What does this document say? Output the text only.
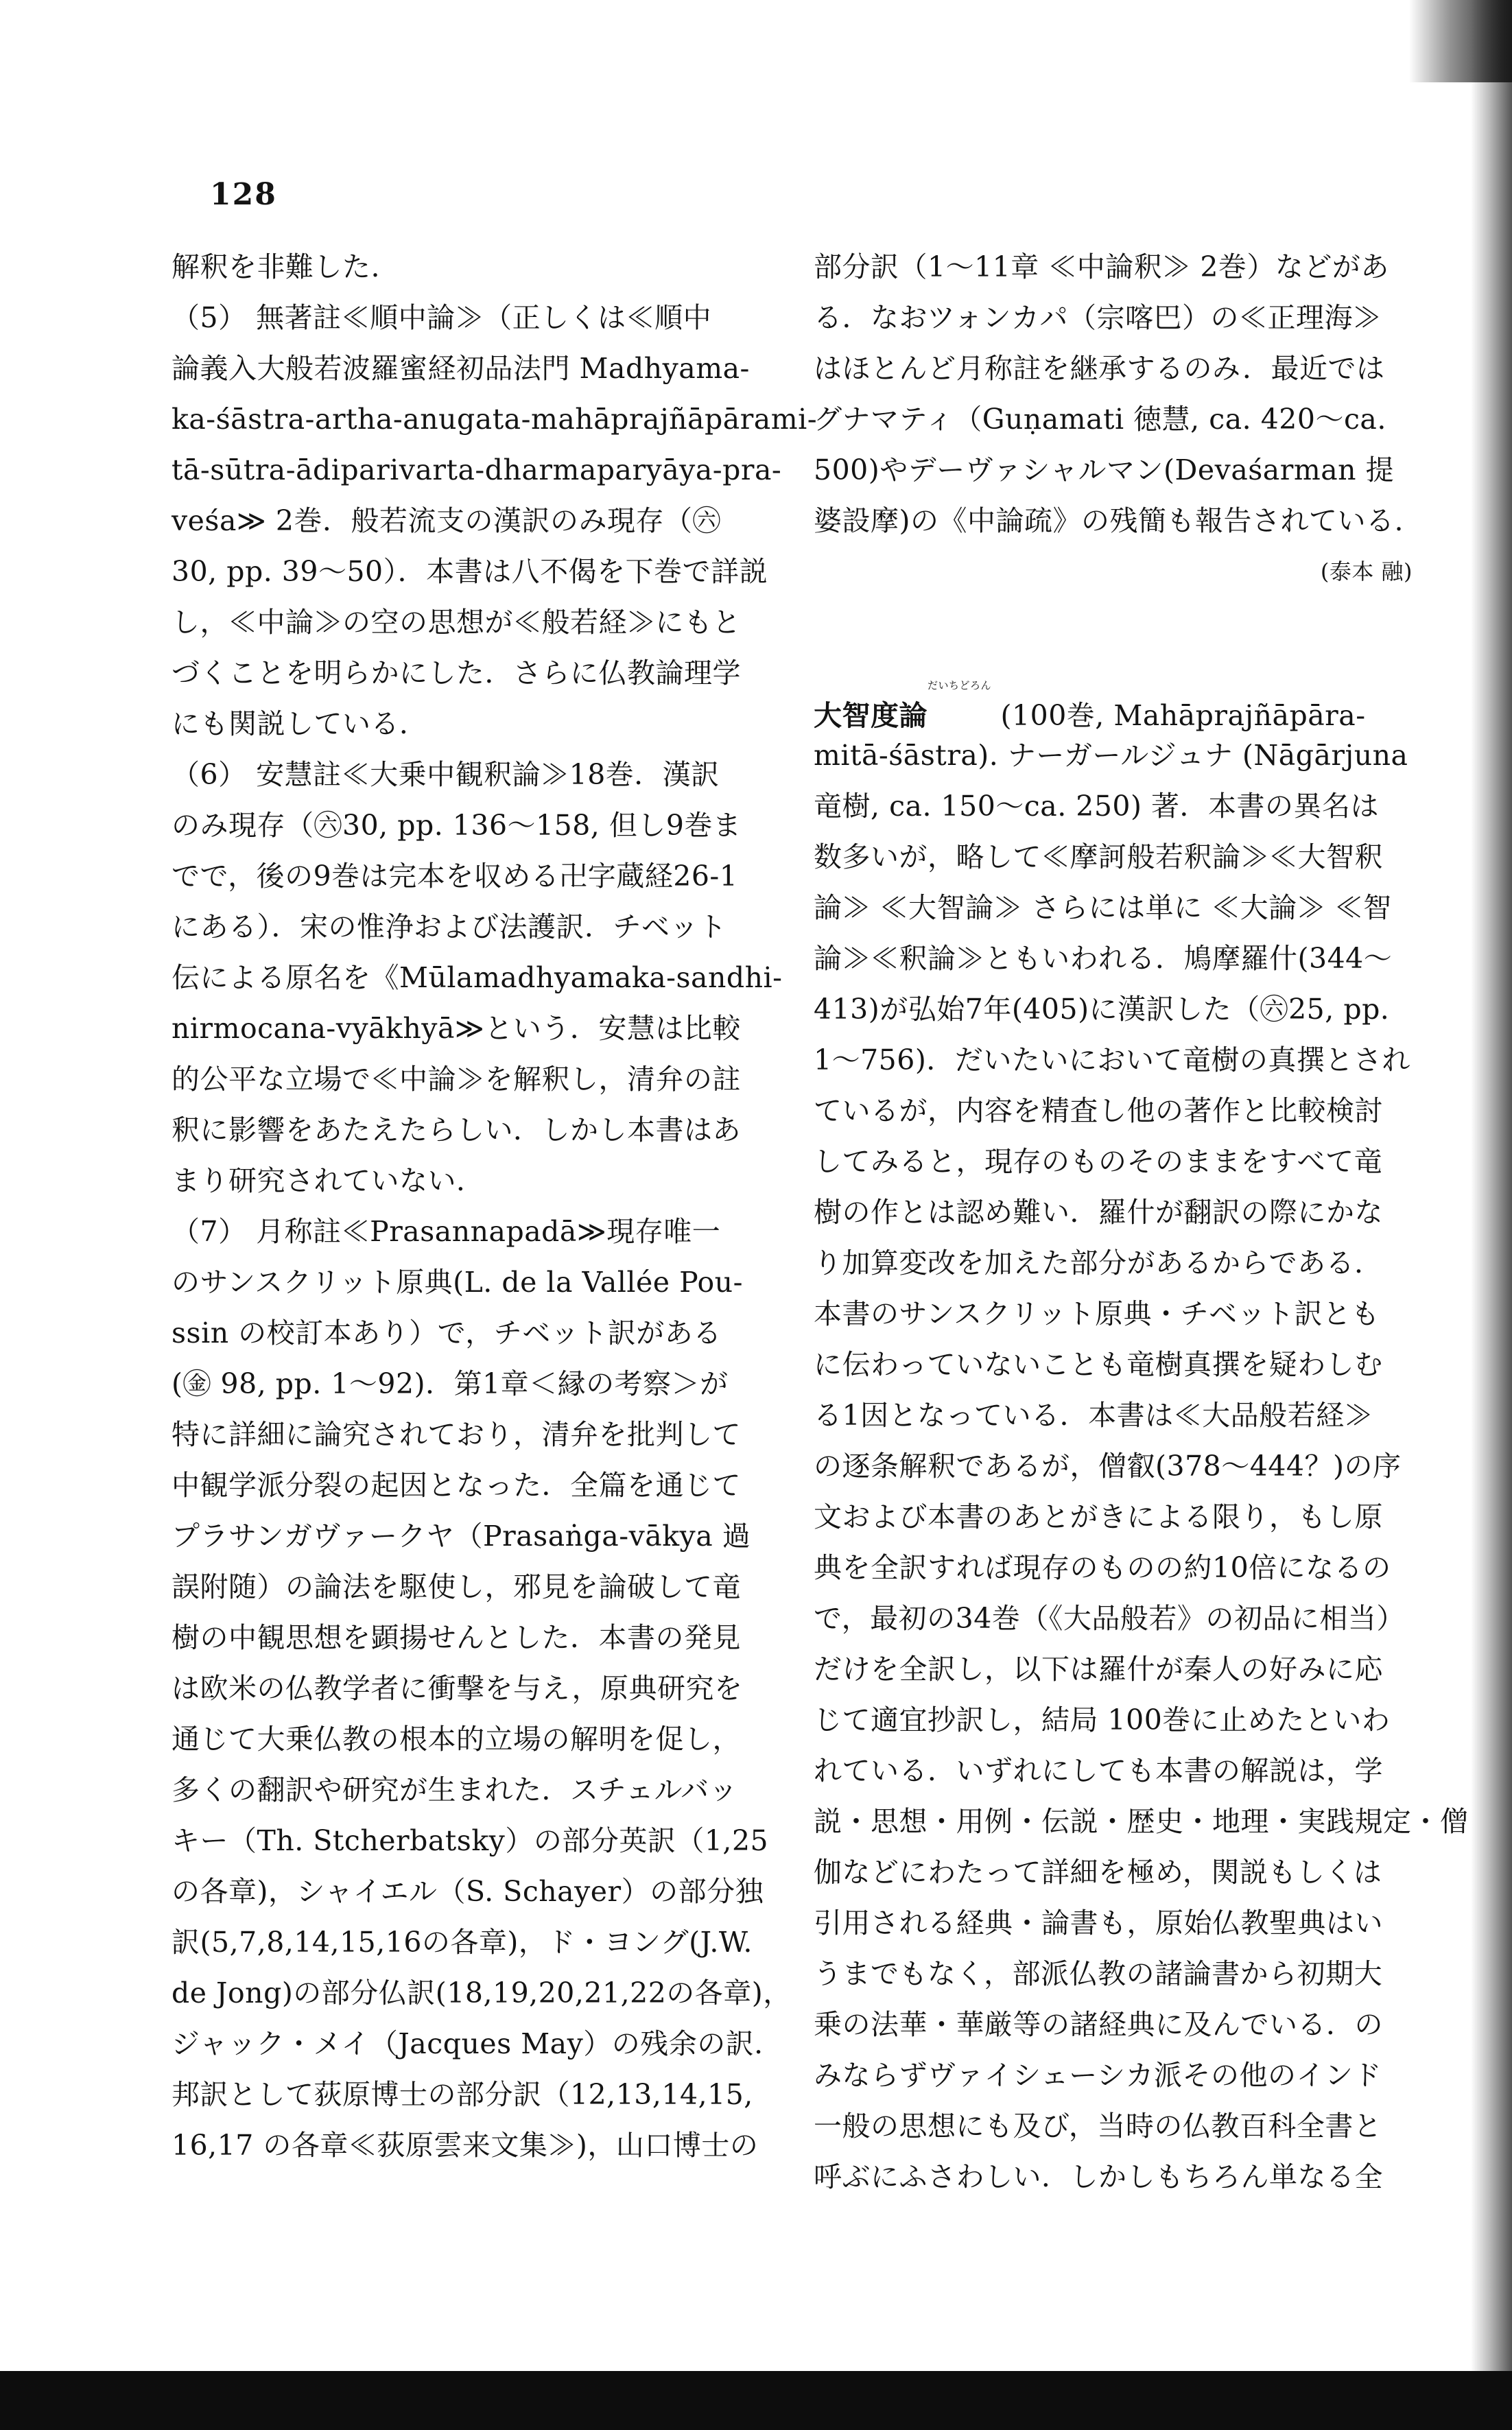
128
解釈を非難した.
（5） 無著註≪順中論≫（正しくは≪順中
論義入大般若波羅蜜経初品法門 Madhyama-
ka-śāstra-artha-anugata-mahāprajñāpārami-
tā-sūtra-ādiparivarta-dharmaparyāya-pra-
veśa≫ 2巻．般若流支の漢訳のみ現存（㊅
30, pp. 39～50）．本書は八不偈を下巻で詳説
し，≪中論≫の空の思想が≪般若経≫にもと
づくことを明らかにした．さらに仏教論理学
にも関説している．
（6） 安慧註≪大乗中観釈論≫18巻．漢訳
のみ現存（㊅30, pp. 136～158, 但し9巻ま
でで，後の9巻は完本を収める卍字蔵経26-1
にある）．宋の惟浄および法護訳．チベット
伝による原名を《Mūlamadhyamaka-sandhi-
nirmocana-vyākhyā≫という．安慧は比較
的公平な立場で≪中論≫を解釈し，清弁の註
釈に影響をあたえたらしい．しかし本書はあ
まり研究されていない．
（7） 月称註≪Prasannapadā≫現存唯一
のサンスクリット原典(L. de la Vallée Pou-
ssin の校訂本あり）で，チベット訳がある
(㊎ 98, pp. 1～92)．第1章＜縁の考察＞が
特に詳細に論究されており，清弁を批判して
中観学派分裂の起因となった．全篇を通じて
プラサンガヴァークヤ（Prasaṅga-vākya 過
誤附随）の論法を駆使し，邪見を論破して竜
樹の中観思想を顕揚せんとした．本書の発見
は欧米の仏教学者に衝撃を与え，原典研究を
通じて大乗仏教の根本的立場の解明を促し，
多くの翻訳や研究が生まれた．スチェルバッ
キー（Th. Stcherbatsky）の部分英訳（1,25
の各章)，シャイエル（S. Schayer）の部分独
訳(5,7,8,14,15,16の各章)，ド・ヨング(J.W.
de Jong)の部分仏訳(18,19,20,21,22の各章)，
ジャック・メイ（Jacques May）の残余の訳．
邦訳として荻原博士の部分訳（12,13,14,15,
16,17 の各章≪荻原雲来文集≫)，山口博士の
部分訳（1～11章 ≪中論釈≫ 2巻）などがあ
る．なおツォンカパ（宗喀巴）の≪正理海≫
はほとんど月称註を継承するのみ．最近では
グナマティ（Guṇamati 徳慧, ca. 420～ca.
500)やデーヴァシャルマン(Devaśarman 提
婆設摩)の《中論疏》の残簡も報告されている.
(泰本 融)
大智度論だいちどろん (100巻, Mahāprajñāpāra-
mitā-śāstra). ナーガールジュナ (Nāgārjuna
竜樹, ca. 150～ca. 250) 著．本書の異名は
数多いが，略して≪摩訶般若釈論≫≪大智釈
論≫ ≪大智論≫ さらには単に ≪大論≫ ≪智
論≫≪釈論≫ともいわれる．鳩摩羅什(344～
413)が弘始7年(405)に漢訳した（㊅25, pp.
1～756)．だいたいにおいて竜樹の真撰とされ
ているが，内容を精査し他の著作と比較検討
してみると，現存のものそのままをすべて竜
樹の作とは認め難い．羅什が翻訳の際にかな
り加算変改を加えた部分があるからである．
本書のサンスクリット原典・チベット訳とも
に伝わっていないことも竜樹真撰を疑わしむ
る1因となっている．本書は≪大品般若経≫
の逐条解釈であるが，僧叡(378～444？)の序
文および本書のあとがきによる限り，もし原
典を全訳すれば現存のものの約10倍になるの
で，最初の34巻（《大品般若》の初品に相当）
だけを全訳し，以下は羅什が秦人の好みに応
じて適宜抄訳し，結局 100巻に止めたといわ
れている．いずれにしても本書の解説は，学
説・思想・用例・伝説・歴史・地理・実践規定・僧
伽などにわたって詳細を極め，関説もしくは
引用される経典・論書も，原始仏教聖典はい
うまでもなく，部派仏教の諸論書から初期大
乗の法華・華厳等の諸経典に及んでいる．の
みならずヴァイシェーシカ派その他のインド
一般の思想にも及び，当時の仏教百科全書と
呼ぶにふさわしい．しかしもちろん単なる全
